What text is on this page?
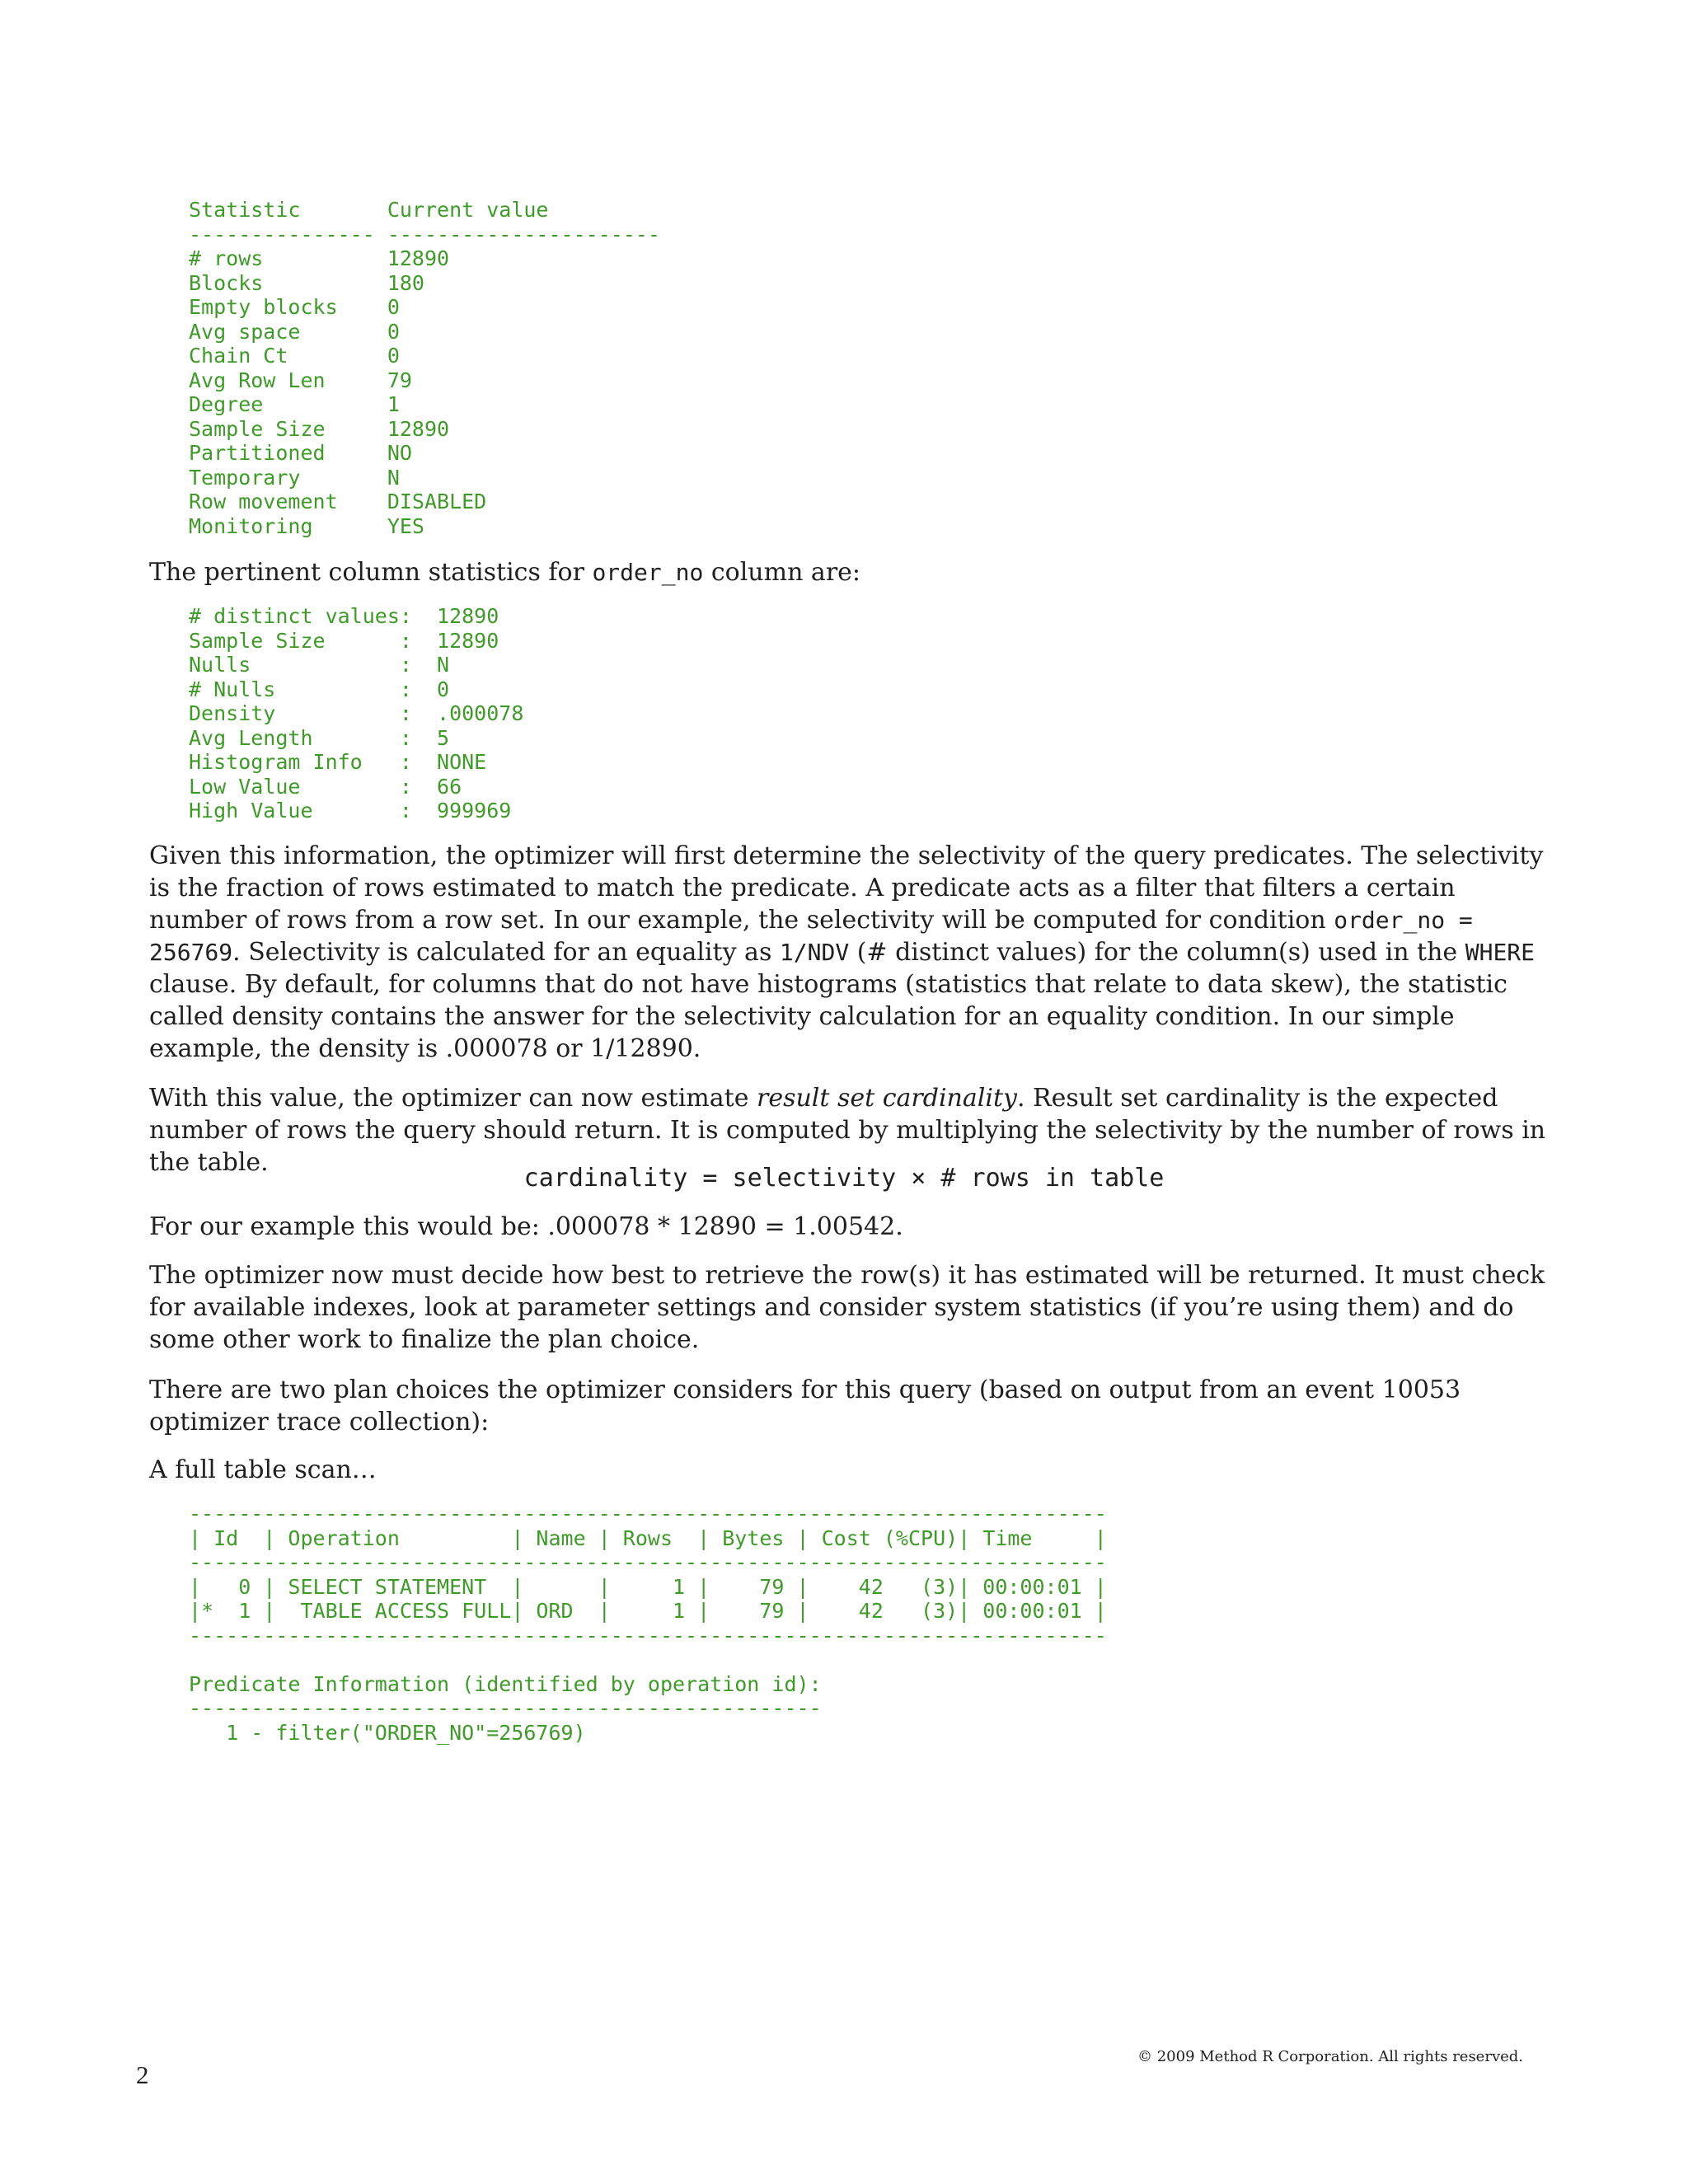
Statistic       Current value
--------------- ----------------------
# rows          12890
Blocks          180
Empty blocks    0
Avg space       0
Chain Ct        0
Avg Row Len     79
Degree          1
Sample Size     12890
Partitioned     NO
Temporary       N
Row movement    DISABLED
Monitoring      YES
The pertinent column statistics for order_no column are:
# distinct values:  12890
Sample Size      :  12890
Nulls            :  N
# Nulls          :  0
Density          :  .000078
Avg Length       :  5
Histogram Info   :  NONE
Low Value        :  66
High Value       :  999969
Given this information, the optimizer will first determine the selectivity of the query predicates. The selectivity is the fraction of rows estimated to match the predicate. A predicate acts as a filter that filters a certain number of rows from a row set. In our example, the selectivity will be computed for condition order_no = 256769. Selectivity is calculated for an equality as 1/NDV (# distinct values) for the column(s) used in the WHERE clause. By default, for columns that do not have histograms (statistics that relate to data skew), the statistic called density contains the answer for the selectivity calculation for an equality condition. In our simple example, the density is .000078 or 1/12890.
With this value, the optimizer can now estimate result set cardinality. Result set cardinality is the expected number of rows the query should return. It is computed by multiplying the selectivity by the number of rows in the table.
cardinality = selectivity × # rows in table
For our example this would be: .000078 * 12890 = 1.00542.
The optimizer now must decide how best to retrieve the row(s) it has estimated will be returned. It must check for available indexes, look at parameter settings and consider system statistics (if you’re using them) and do some other work to finalize the plan choice.
There are two plan choices the optimizer considers for this query (based on output from an event 10053 optimizer trace collection):
A full table scan…
--------------------------------------------------------------------------
| Id  | Operation         | Name | Rows  | Bytes | Cost (%CPU)| Time     |
--------------------------------------------------------------------------
|   0 | SELECT STATEMENT  |      |     1 |    79 |    42   (3)| 00:00:01 |
|*  1 |  TABLE ACCESS FULL| ORD  |     1 |    79 |    42   (3)| 00:00:01 |
--------------------------------------------------------------------------

Predicate Information (identified by operation id):
---------------------------------------------------
1 - filter("ORDER_NO"=256769)
© 2009 Method R Corporation. All rights reserved.
2
